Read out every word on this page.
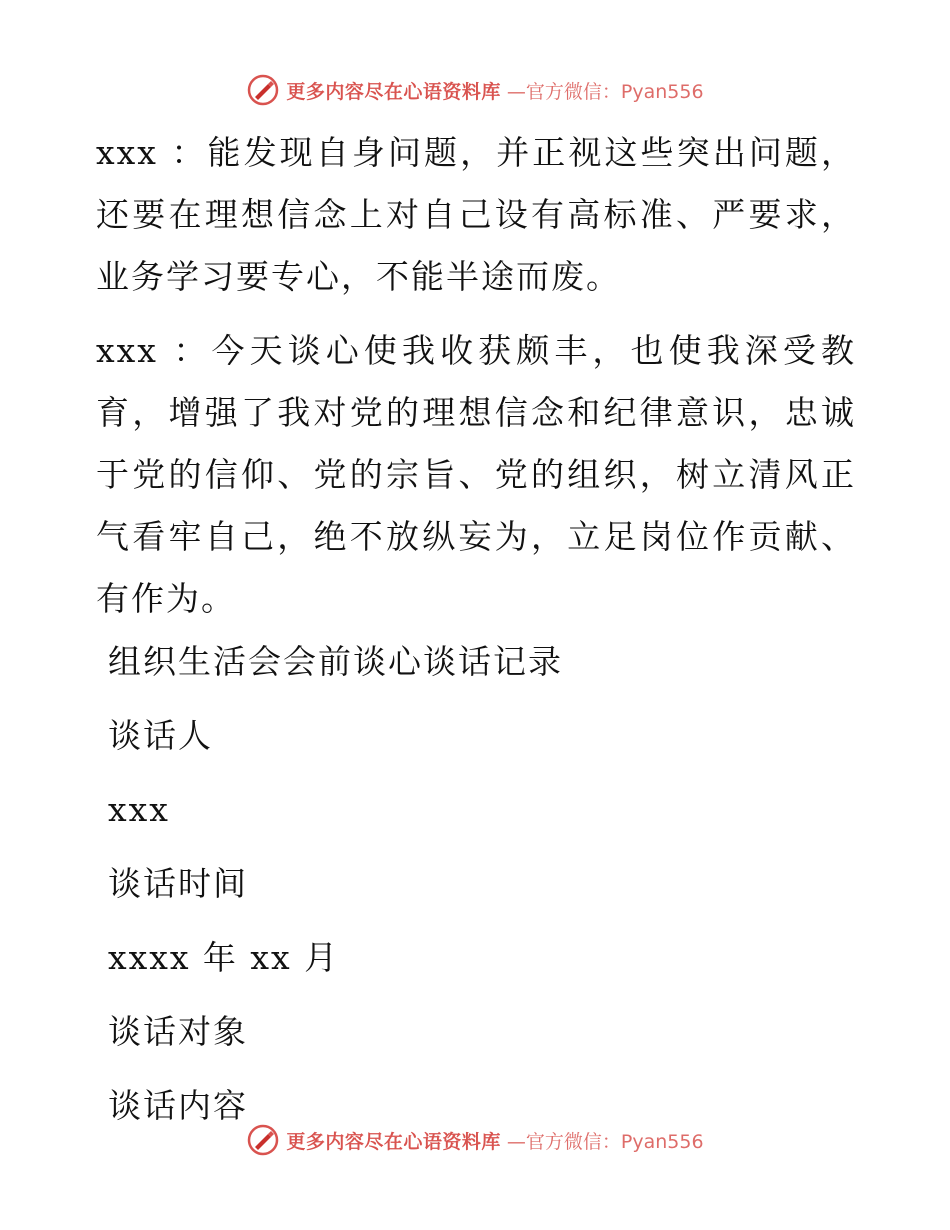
更多内容尽在心语资料库 —官方微信：Pyan556

xxx ：能发现自身问题，并正视这些突出问题，还要在理想信念上对自己设有高标准、严要求，业务学习要专心，不能半途而废。

xxx ：今天谈心使我收获颇丰，也使我深受教育，增强了我对党的理想信念和纪律意识，忠诚于党的信仰、党的宗旨、党的组织，树立清风正气看牢自己，绝不放纵妄为，立足岗位作贡献、有作为。

组织生活会会前谈心谈话记录
谈话人
xxx
谈话时间
xxxx 年 xx 月
谈话对象
谈话内容
更多内容尽在心语资料库 —官方微信：Pyan556
